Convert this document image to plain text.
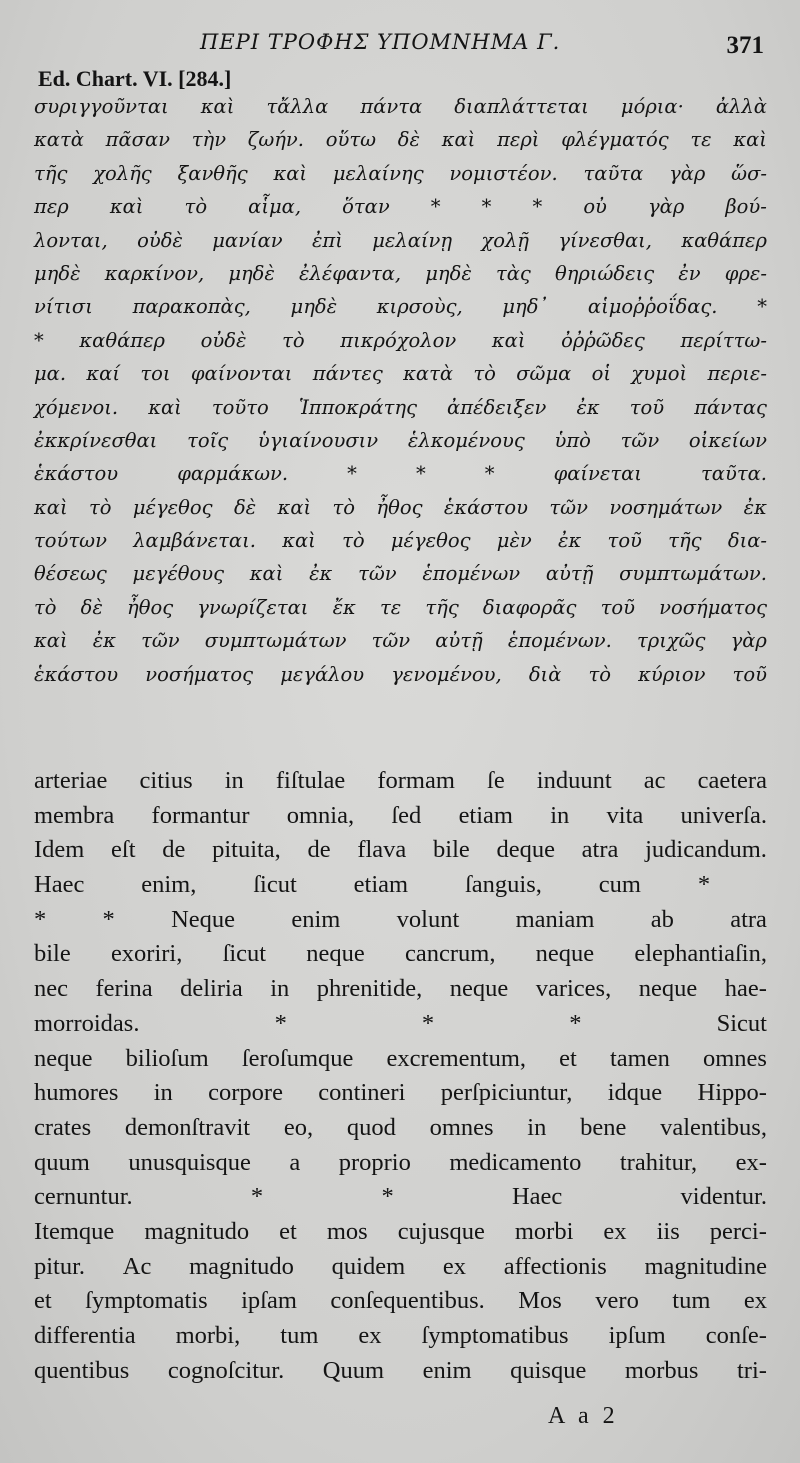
ΠΕΡΙ ΤΡΟΦΗΣ ΥΠΟΜΝΗΜΑ Γ.	371
Ed. Chart. VI. [284.]
συριγγοῦνται καὶ τἄλλα πάντα διαπλάττεται μόρια· ἀλλὰ
κατὰ πᾶσαν τὴν ζωήν. οὕτω δὲ καὶ περὶ φλέγματός τε καὶ
τῆς χολῆς ξανθῆς καὶ μελαίνης νομιστέον. ταῦτα γὰρ ὥσ-
περ καὶ τὸ αἷμα, ὅταν * * * οὐ γὰρ βού-
λονται, οὐδὲ μανίαν ἐπὶ μελαίνῃ χολῇ γίνεσθαι, καθάπερ
μηδὲ καρκίνον, μηδὲ ἐλέφαντα, μηδὲ τὰς θηριώδεις ἐν φρε-
νίτισι παρακοπὰς, μηδὲ κιρσοὺς, μηδ᾽ αἱμοῤῥοΐδας. *
* καθάπερ οὐδὲ τὸ πικρόχολον καὶ ὀῤῥῶδες περίττω-
μα. καί τοι φαίνονται πάντες κατὰ τὸ σῶμα οἱ χυμοὶ περιε-
χόμενοι. καὶ τοῦτο Ἱπποκράτης ἀπέδειξεν ἐκ τοῦ πάντας
ἐκκρίνεσθαι τοῖς ὑγιαίνουσιν ἑλκομένους ὑπὸ τῶν οἰκείων
ἑκάστου	φαρμάκων.	*	*	*	φαίνεται	ταῦτα.
καὶ τὸ μέγεθος δὲ καὶ τὸ ἦθος ἑκάστου τῶν νοσημάτων ἐκ
τούτων λαμβάνεται. καὶ τὸ μέγεθος μὲν ἐκ τοῦ τῆς δια-
θέσεως μεγέθους καὶ ἐκ τῶν ἑπομένων αὐτῇ συμπτωμάτων.
τὸ δὲ ἦθος γνωρίζεται ἔκ τε τῆς διαφορᾶς τοῦ νοσήματος
καὶ ἐκ τῶν συμπτωμάτων τῶν αὐτῇ ἑπομένων. τριχῶς γὰρ
ἑκάστου νοσήματος μεγάλου γενομένου, διὰ τὸ κύριον τοῦ
arteriae citius in fiſtulae formam ſe induunt ac caetera
membra formantur omnia, ſed etiam in vita univerſa.
Idem eſt de pituita, de flava bile deque atra judicandum.
Haec enim, ſicut etiam ſanguis, cum *
* * Neque enim volunt maniam ab atra
bile exoriri, ſicut neque cancrum, neque elephantiaſin,
nec ferina deliria in phrenitide, neque varices, neque hae-
morroidas.	*	*	*	Sicut
neque bilioſum ſeroſumque excrementum, et tamen omnes
humores in corpore contineri perſpiciuntur, idque Hippo-
crates demonſtravit eo, quod omnes in bene valentibus,
quum unusquisque a proprio medicamento trahitur, ex-
cernuntur.	*	*	Haec	videntur.
Itemque magnitudo et mos cujusque morbi ex iis perci-
pitur. Ac magnitudo quidem ex affectionis magnitudine
et ſymptomatis ipſam conſequentibus. Mos vero tum ex
differentia morbi, tum ex ſymptomatibus ipſum conſe-
quentibus cognoſcitur. Quum enim quisque morbus tri-
A a 2
